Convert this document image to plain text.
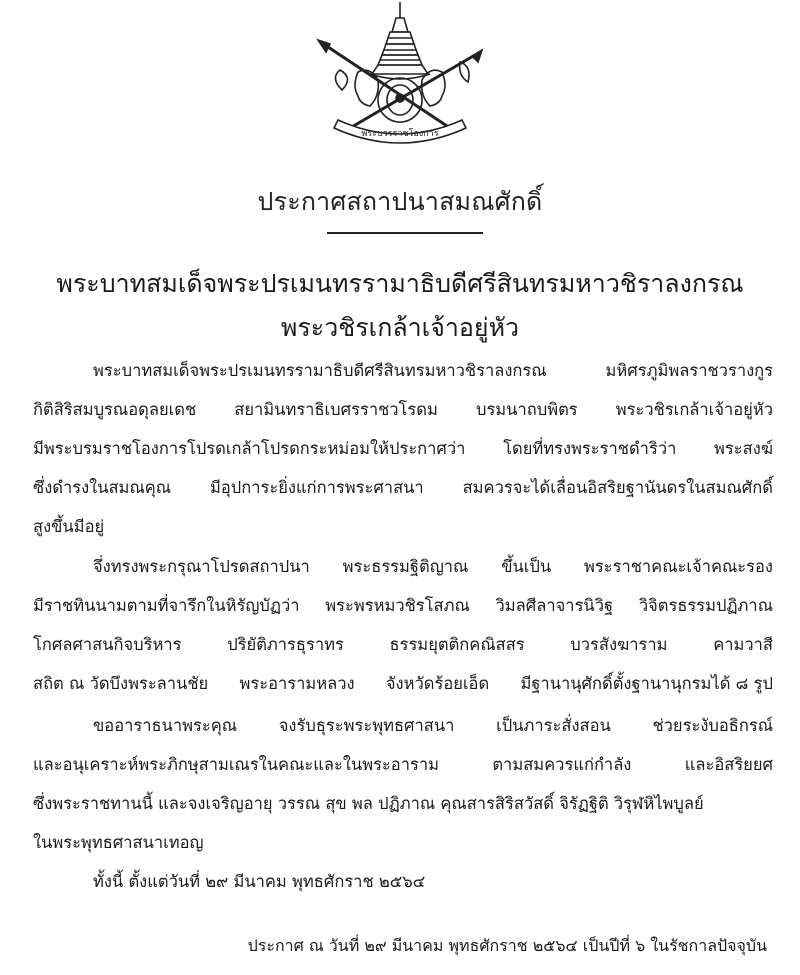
พระบวรราชโองการ
ประกาศสถาปนาสมณศักดิ์
พระบาทสมเด็จพระปรเมนทรรามาธิบดีศรีสินทรมหาวชิราลงกรณ
พระวชิรเกล้าเจ้าอยู่หัว
พระบาทสมเด็จพระปรเมนทรรามาธิบดีศรีสินทรมหาวชิราลงกรณ	มหิศรภูมิพลราชวรางกูร
กิติสิริสมบูรณอดุลยเดช สยามินทราธิเบศรราชวโรดม บรมนาถบพิตร พระวชิรเกล้าเจ้าอยู่หัว
มีพระบรมราชโองการโปรดเกล้าโปรดกระหม่อมให้ประกาศว่า โดยที่ทรงพระราชดำริว่า พระสงฆ์
ซึ่งดำรงในสมณคุณ มีอุปการะยิ่งแก่การพระศาสนา สมควรจะได้เลื่อนอิสริยฐานันดรในสมณศักดิ์
สูงขึ้นมีอยู่
จึ่งทรงพระกรุณาโปรดสถาปนา พระธรรมฐิติญาณ ขึ้นเป็น พระราชาคณะเจ้าคณะรอง
มีราชทินนามตามที่จารึกในหิรัญบัฏว่า พระพรหมวชิรโสภณ วิมลศีลาจารนิวิฐ วิจิตรธรรมปฏิภาณ
โกศลศาสนกิจบริหาร	ปริยัติภารธุราทร	ธรรมยุตติกคณิสสร	บวรสังฆาราม	คามวาสี
สถิต ณ วัดบึงพระลานชัย พระอารามหลวง จังหวัดร้อยเอ็ด มีฐานานุศักดิ์ตั้งฐานานุกรมได้ ๘ รูป
ขออาราธนาพระคุณ	จงรับธุระพระพุทธศาสนา	เป็นภาระสั่งสอน	ช่วยระงับอธิกรณ์
และอนุเคราะห์พระภิกษุสามเณรในคณะและในพระอาราม	ตามสมควรแก่กำลัง	และอิสริยยศ
ซึ่งพระราชทานนี้ และจงเจริญอายุ วรรณ สุข พล ปฏิภาณ คุณสารสิริสวัสดิ์ จิรัฏฐิติ วิรุฬหิไพบูลย์
ในพระพุทธศาสนาเทอญ
ทั้งนี้ ตั้งแต่วันที่ ๒๙ มีนาคม พุทธศักราช ๒๕๖๔
ประกาศ ณ วันที่ ๒๙ มีนาคม พุทธศักราช ๒๕๖๔ เป็นปีที่ ๖ ในรัชกาลปัจจุบัน
